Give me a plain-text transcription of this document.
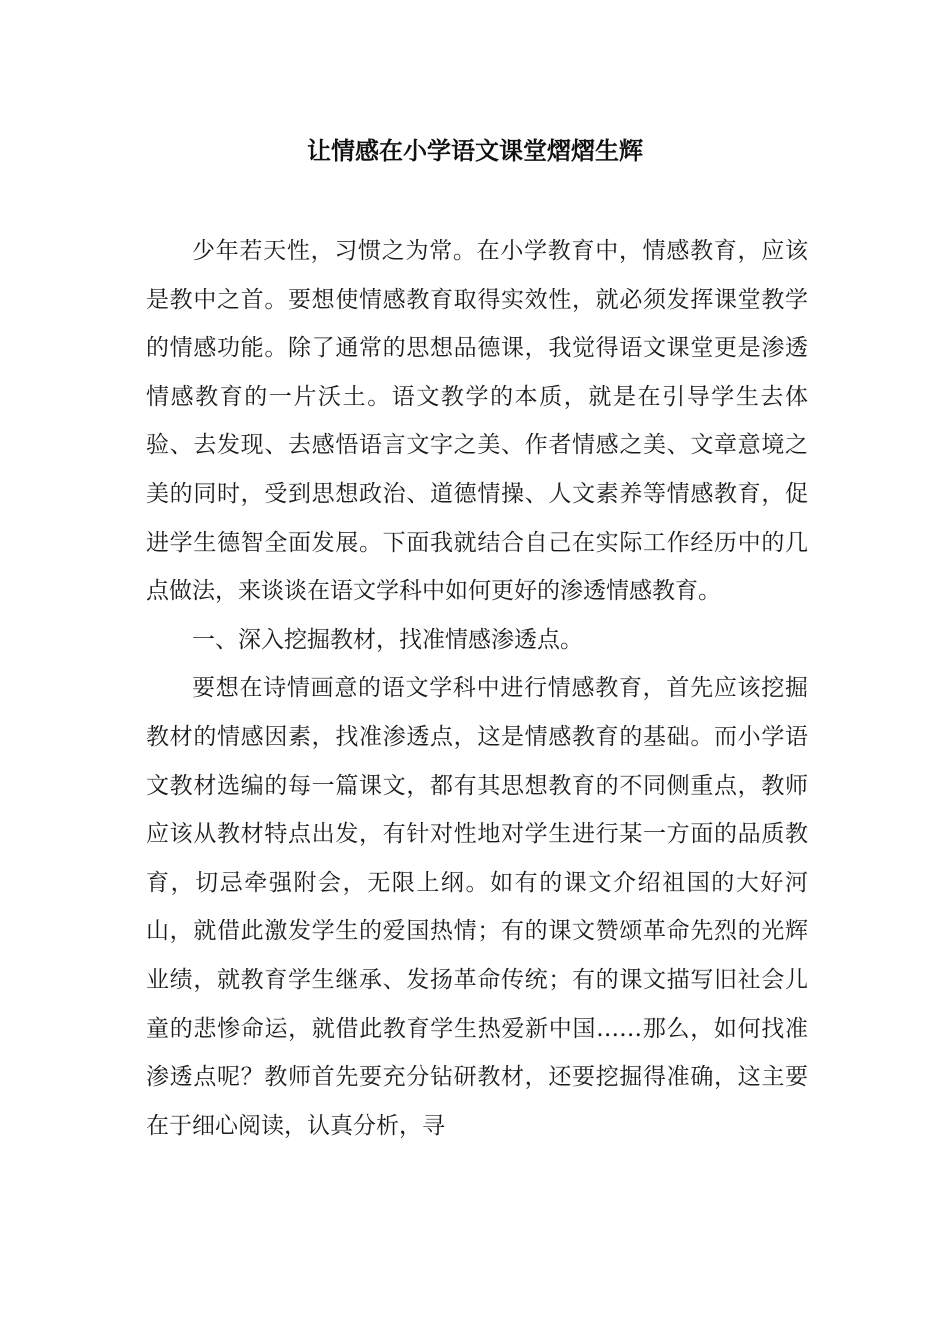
让情感在小学语文课堂熠熠生辉

少年若天性，习惯之为常。在小学教育中，情感教育，应该是教中之首。要想使情感教育取得实效性，就必须发挥课堂教学的情感功能。除了通常的思想品德课，我觉得语文课堂更是渗透情感教育的一片沃土。语文教学的本质，就是在引导学生去体验、去发现、去感悟语言文字之美、作者情感之美、文章意境之美的同时，受到思想政治、道德情操、人文素养等情感教育，促进学生德智全面发展。下面我就结合自己在实际工作经历中的几点做法，来谈谈在语文学科中如何更好的渗透情感教育。

一、深入挖掘教材，找准情感渗透点。

要想在诗情画意的语文学科中进行情感教育，首先应该挖掘教材的情感因素，找准渗透点，这是情感教育的基础。而小学语文教材选编的每一篇课文，都有其思想教育的不同侧重点，教师应该从教材特点出发，有针对性地对学生进行某一方面的品质教育，切忌牵强附会，无限上纲。如有的课文介绍祖国的大好河山，就借此激发学生的爱国热情；有的课文赞颂革命先烈的光辉业绩，就教育学生继承、发扬革命传统；有的课文描写旧社会儿童的悲惨命运，就借此教育学生热爱新中国……那么，如何找准渗透点呢？教师首先要充分钻研教材，还要挖掘得准确，这主要在于细心阅读，认真分析，寻
